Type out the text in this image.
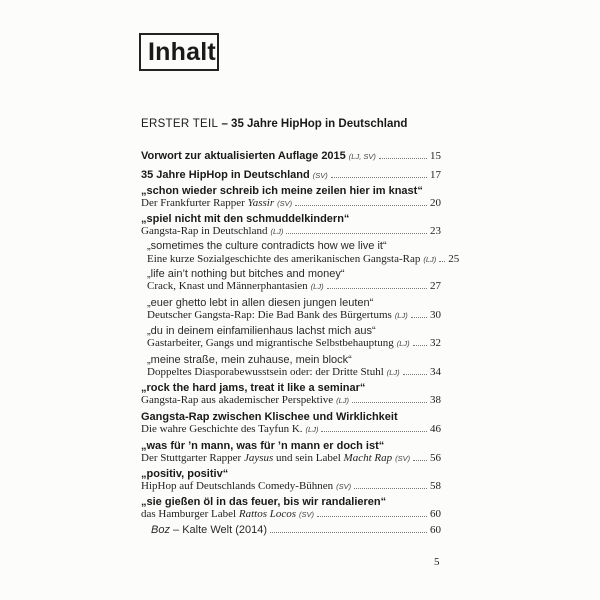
Inhalt
ERSTER TEIL – 35 Jahre HipHop in Deutschland
Vorwort zur aktualisierten Auflage 2015 (LJ, SV)	15
35 Jahre HipHop in Deutschland (SV)	17
„schon wieder schreib ich meine zeilen hier im knast“
Der Frankfurter Rapper Yassir (SV)	20
„spiel nicht mit den schmuddelkindern“
Gangsta-Rap in Deutschland (LJ)	23
„sometimes the culture contradicts how we live it“
Eine kurze Sozialgeschichte des amerikanischen Gangsta-Rap (LJ) 25
„life ain’t nothing but bitches and money“
Crack, Knast und Männerphantasien (LJ)	27
„euer ghetto lebt in allen diesen jungen leuten“
Deutscher Gangsta-Rap: Die Bad Bank des Bürgertums (LJ) 30
„du in deinem einfamilienhaus lachst mich aus“
Gastarbeiter, Gangs und migrantische Selbstbehauptung (LJ) 32
„meine straße, mein zuhause, mein block“
Doppeltes Diasporabewusstsein oder: der Dritte Stuhl (LJ)	34
„rock the hard jams, treat it like a seminar“
Gangsta-Rap aus akademischer Perspektive (LJ)	38
Gangsta-Rap zwischen Klischee und Wirklichkeit
Die wahre Geschichte des Tayfun K. (LJ)	46
„was für ’n mann, was für ’n mann er doch ist“
Der Stuttgarter Rapper Jaysus und sein Label Macht Rap (SV) 56
„positiv, positiv“
HipHop auf Deutschlands Comedy-Bühnen (SV)	58
„sie gießen öl in das feuer, bis wir randalieren“
das Hamburger Label Rattos Locos (SV)	60
Boz – Kalte Welt (2014)	60
5
